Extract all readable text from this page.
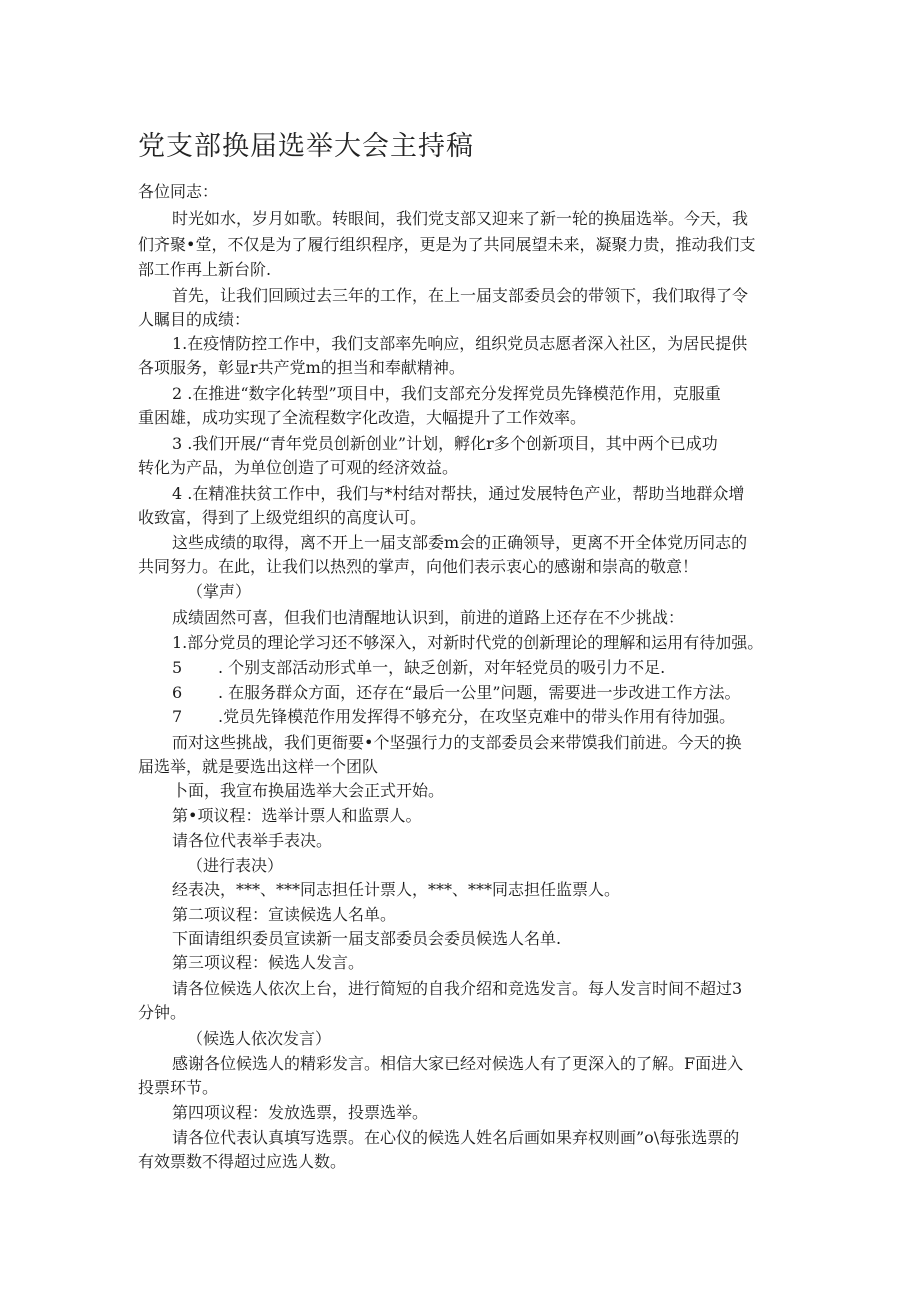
党支部换届选举大会主持稿
各位同志：
时光如水，岁月如歌。转眼间，我们党支部又迎来了新一轮的换届选举。今天，我
们齐聚•堂，不仅是为了履行组织程序，更是为了共同展望未来，凝聚力贵，推动我们支
部工作再上新台阶.
首先，让我们回顾过去三年的工作，在上一届支部委员会的带领下，我们取得了令
人瞩目的成绩：
1.在疫情防控工作中，我们支部率先响应，组织党员志愿者深入社区，为居民提供
各项服务，彰显r共产党m的担当和奉献精神。
2 .在推进“数字化转型”项目中，我们支部充分发挥党员先锋模范作用，克服重
重困雄，成功实现了全流程数字化改造，大幅提升了工作效率。
3 .我们开展/“青年党员创新创业”计划，孵化r多个创新项目，其中两个已成功
转化为产品，为单位创造了可观的经济效益。
4 .在精准扶贫工作中，我们与*村结对帮扶，通过发展特色产业，帮助当地群众增
收致富，得到了上级党组织的高度认可。
这些成绩的取得，离不开上一届支部委m会的正确领导，更离不开全体党历同志的
共同努力。在此，让我们以热烈的掌声，向他们表示衷心的感谢和崇高的敬意！
（掌声）
成绩固然可喜，但我们也清醒地认识到，前进的道路上还存在不少挑战：
1.部分党员的理论学习还不够深入，对新时代党的创新理论的理解和运用有待加强。
5 . 个别支部活动形式单一，缺乏创新，对年轻党员的吸引力不足.
6 . 在服务群众方面，还存在“最后一公里”问题，需要进一步改进工作方法。
7 .党员先锋模范作用发挥得不够充分，在攻坚克难中的带头作用有待加强。
而对这些挑战，我们更衙要•个坚强行力的支部委员会来带馍我们前进。今天的换
届选举，就是要选出这样一个团队
卜面，我宣布换届选举大会正式开始。
第•项议程：选举计票人和监票人。
请各位代表举手表决。
（进行表决）
经表决，***、***同志担任计票人，***、***同志担任监票人。
第二项议程：宣读候选人名单。
下面请组织委员宣读新一届支部委员会委员候选人名单.
第三项议程：候选人发言。
请各位候选人依次上台，进行简短的自我介绍和竞选发言。每人发言时间不超过3
分钟。
（候选人依次发言）
感谢各位候选人的精彩发言。相信大家已经对候选人有了更深入的了解。F面进入
投票环节。
第四项议程：发放选票，投票选举。
请各位代表认真填写选票。在心仪的候选人姓名后画如果弃权则画”o\每张选票的
有效票数不得超过应选人数。
